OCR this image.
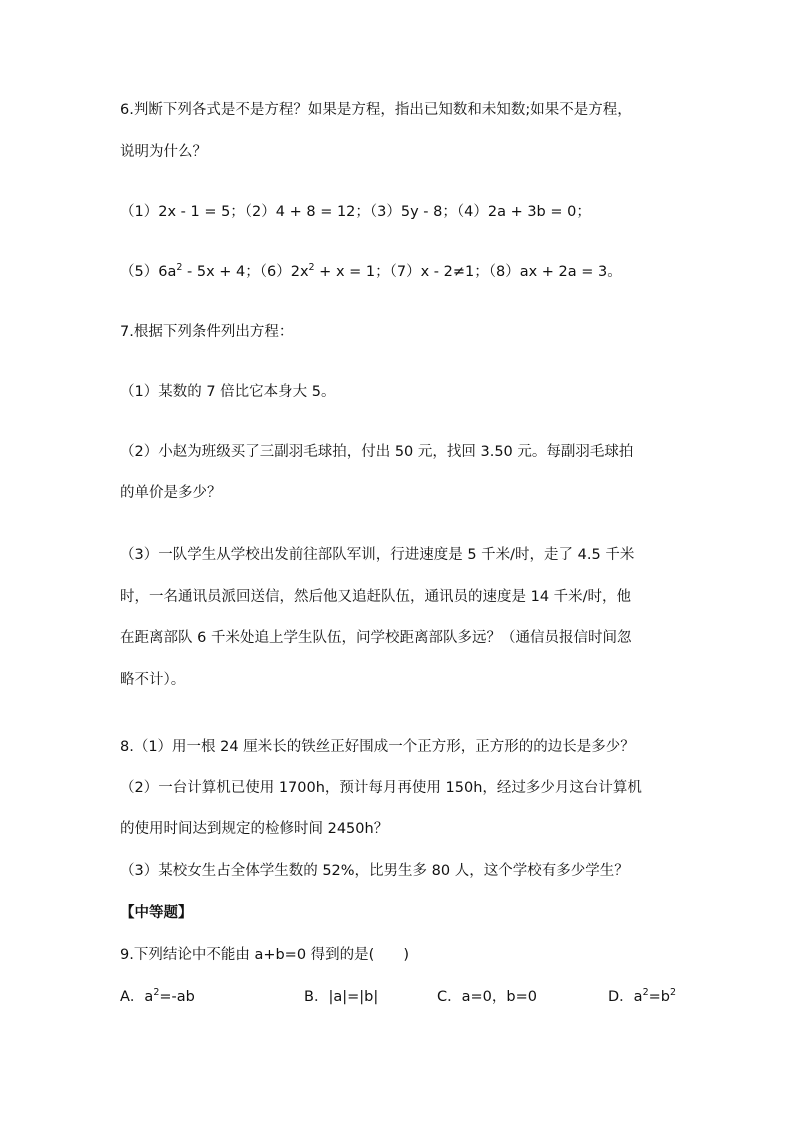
6.判断下列各式是不是方程？如果是方程，指出已知数和未知数;如果不是方程，
说明为什么？
（1）2x - 1 = 5；（2）4 + 8 = 12；（3）5y - 8；（4）2a + 3b = 0；
$(5)6a^2 - 5x + 4$；$(6)2x^2 + x = 1$；（7）x - 2≠1；（8）ax + 2a = 3。
7.根据下列条件列出方程：
（1）某数的 7 倍比它本身大 5。
（2）小赵为班级买了三副羽毛球拍，付出 50 元，找回 3.50 元。每副羽毛球拍
的单价是多少？
（3）一队学生从学校出发前往部队军训，行进速度是 5 千米/时，走了 4.5 千米
时，一名通讯员派回送信，然后他又追赶队伍，通讯员的速度是 14 千米/时，他
在距离部队 6 千米处追上学生队伍，问学校距离部队多远？（通信员报信时间忽
略不计）。
8.（1）用一根 24 厘米长的铁丝正好围成一个正方形，正方形的的边长是多少？
（2）一台计算机已使用 1700h，预计每月再使用 150h，经过多少月这台计算机
的使用时间达到规定的检修时间 2450h？
（3）某校女生占全体学生数的 52%，比男生多 80 人，这个学校有多少学生？
【中等题】
9.下列结论中不能由 a+b=0 得到的是(　　)
A．$a^2=-ab$	B．|a|=|b|	C．a=0，b=0	D．$a^2=b^2$
